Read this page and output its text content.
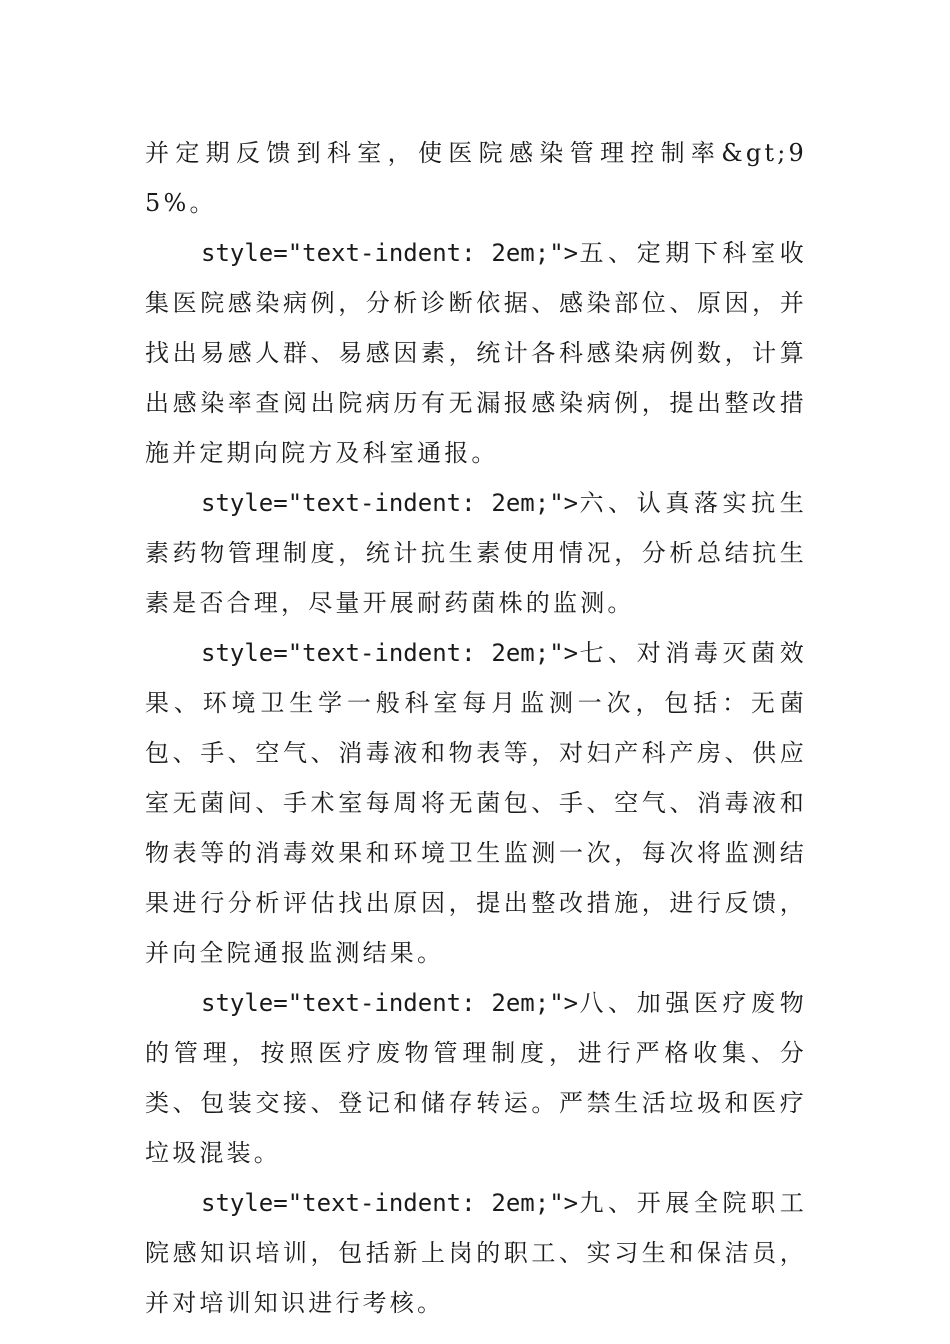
并定期反馈到科室，使医院感染管理控制率&gt;95%。

style="text-indent: 2em;">五、定期下科室收集医院感染病例，分析诊断依据、感染部位、原因，并找出易感人群、易感因素，统计各科感染病例数，计算出感染率查阅出院病历有无漏报感染病例，提出整改措施并定期向院方及科室通报。

style="text-indent: 2em;">六、认真落实抗生素药物管理制度，统计抗生素使用情况，分析总结抗生素是否合理，尽量开展耐药菌株的监测。

style="text-indent: 2em;">七、对消毒灭菌效果、环境卫生学一般科室每月监测一次，包括：无菌包、手、空气、消毒液和物表等，对妇产科产房、供应室无菌间、手术室每周将无菌包、手、空气、消毒液和物表等的消毒效果和环境卫生监测一次，每次将监测结果进行分析评估找出原因，提出整改措施，进行反馈，并向全院通报监测结果。

style="text-indent: 2em;">八、加强医疗废物的管理，按照医疗废物管理制度，进行严格收集、分类、包装交接、登记和储存转运。严禁生活垃圾和医疗垃圾混装。

style="text-indent: 2em;">九、开展全院职工院感知识培训，包括新上岗的职工、实习生和保洁员，并对培训知识进行考核。
